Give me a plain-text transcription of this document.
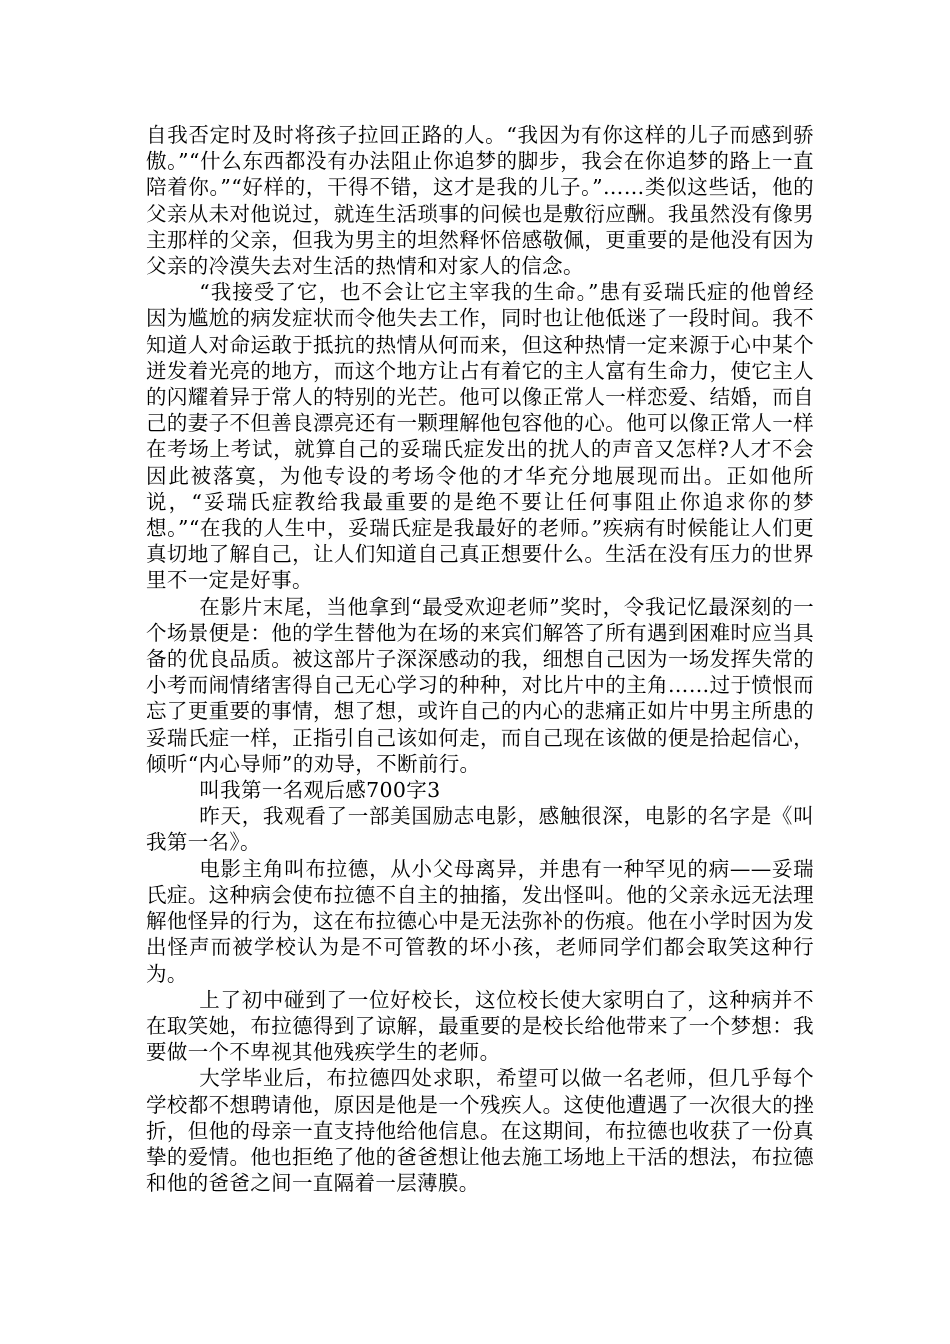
自我否定时及时将孩子拉回正路的人。“我因为有你这样的儿子而感到骄傲。”“什么东西都没有办法阻止你追梦的脚步，我会在你追梦的路上一直陪着你。”“好样的，干得不错，这才是我的儿子。”……类似这些话，他的父亲从未对他说过，就连生活琐事的问候也是敷衍应酬。我虽然没有像男主那样的父亲，但我为男主的坦然释怀倍感敬佩，更重要的是他没有因为父亲的冷漠失去对生活的热情和对家人的信念。

“我接受了它，也不会让它主宰我的生命。”患有妥瑞氏症的他曾经因为尴尬的病发症状而令他失去工作，同时也让他低迷了一段时间。我不知道人对命运敢于抵抗的热情从何而来，但这种热情一定来源于心中某个迸发着光亮的地方，而这个地方让占有着它的主人富有生命力，使它主人的闪耀着异于常人的特别的光芒。他可以像正常人一样恋爱、结婚，而自己的妻子不但善良漂亮还有一颗理解他包容他的心。他可以像正常人一样在考场上考试，就算自己的妥瑞氏症发出的扰人的声音又怎样?人才不会因此被落寞，为他专设的考场令他的才华充分地展现而出。正如他所说，“妥瑞氏症教给我最重要的是绝不要让任何事阻止你追求你的梦想。”“在我的人生中，妥瑞氏症是我最好的老师。”疾病有时候能让人们更真切地了解自己，让人们知道自己真正想要什么。生活在没有压力的世界里不一定是好事。

在影片末尾，当他拿到“最受欢迎老师”奖时，令我记忆最深刻的一个场景便是：他的学生替他为在场的来宾们解答了所有遇到困难时应当具备的优良品质。被这部片子深深感动的我，细想自己因为一场发挥失常的小考而闹情绪害得自己无心学习的种种，对比片中的主角……过于愤恨而忘了更重要的事情，想了想，或许自己的内心的悲痛正如片中男主所患的妥瑞氏症一样，正指引自己该如何走，而自己现在该做的便是拾起信心，倾听“内心导师”的劝导，不断前行。

叫我第一名观后感700字3

昨天，我观看了一部美国励志电影，感触很深，电影的名字是《叫我第一名》。

电影主角叫布拉德，从小父母离异，并患有一种罕见的病——妥瑞氏症。这种病会使布拉德不自主的抽搐，发出怪叫。他的父亲永远无法理解他怪异的行为，这在布拉德心中是无法弥补的伤痕。他在小学时因为发出怪声而被学校认为是不可管教的坏小孩，老师同学们都会取笑这种行为。

上了初中碰到了一位好校长，这位校长使大家明白了，这种病并不在取笑她，布拉德得到了谅解，最重要的是校长给他带来了一个梦想：我要做一个不卑视其他残疾学生的老师。

大学毕业后，布拉德四处求职，希望可以做一名老师，但几乎每个学校都不想聘请他，原因是他是一个残疾人。这使他遭遇了一次很大的挫折，但他的母亲一直支持他给他信息。在这期间，布拉德也收获了一份真挚的爱情。他也拒绝了他的爸爸想让他去施工场地上干活的想法，布拉德和他的爸爸之间一直隔着一层薄膜。
